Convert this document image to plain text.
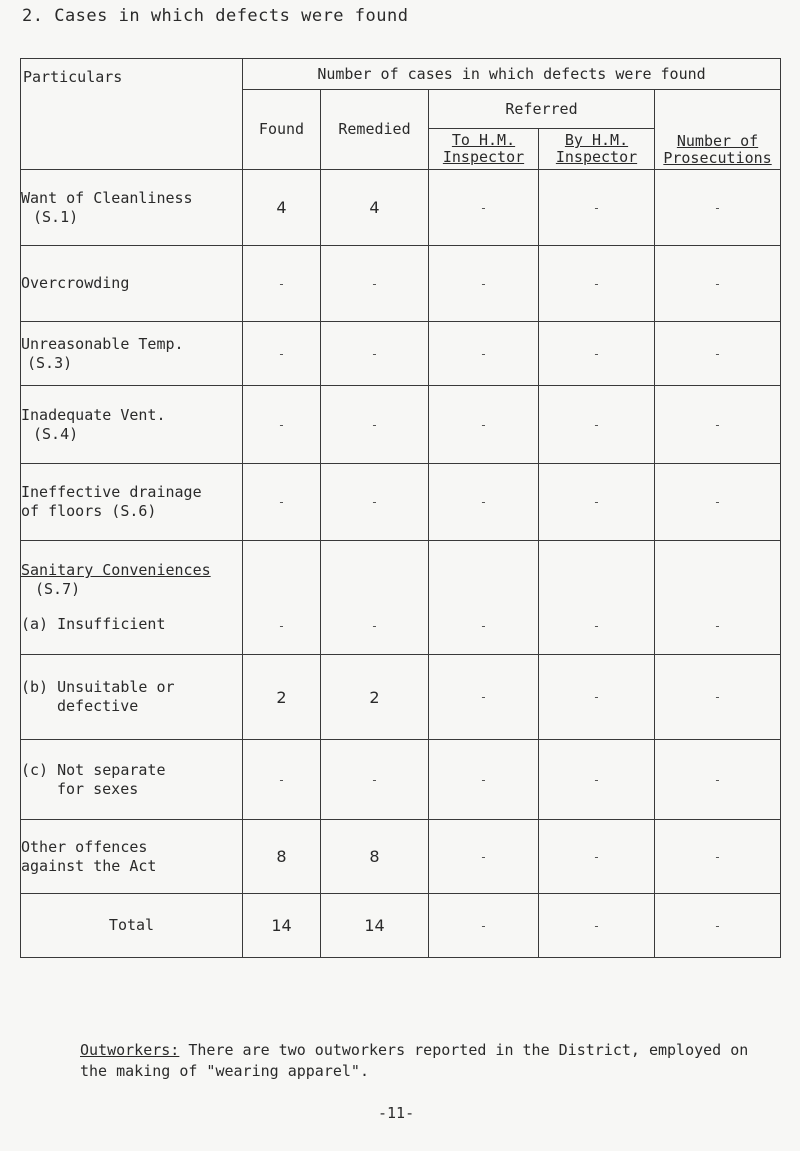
2. Cases in which defects were found
Particulars	Number of cases in which defects were found				
	Found	Remedied	Referred		Number of Prosecutions
			To H.M. Inspector	By H.M. Inspector	
Want of Cleanliness
(S.1)	4	4	-	-	-
Overcrowding	-	-	-	-	-
Unreasonable Temp.
(S.3)	-	-	-	-	-
Inadequate Vent.
(S.4)	-	-	-	-	-
Ineffective drainage
of floors (S.6)	-	-	-	-	-
Sanitary Conveniences
(S.7)
(a) Insufficient	-	-	-	-	-
(b) Unsuitable or
defective	2	2	-	-	-
(c) Not separate
for sexes	-	-	-	-	-
Other offences
against the Act	8	8	-	-	-
Total	14	14	-	-	-
Outworkers: There are two outworkers reported in the District, employed on the making of "wearing apparel".
-11-
